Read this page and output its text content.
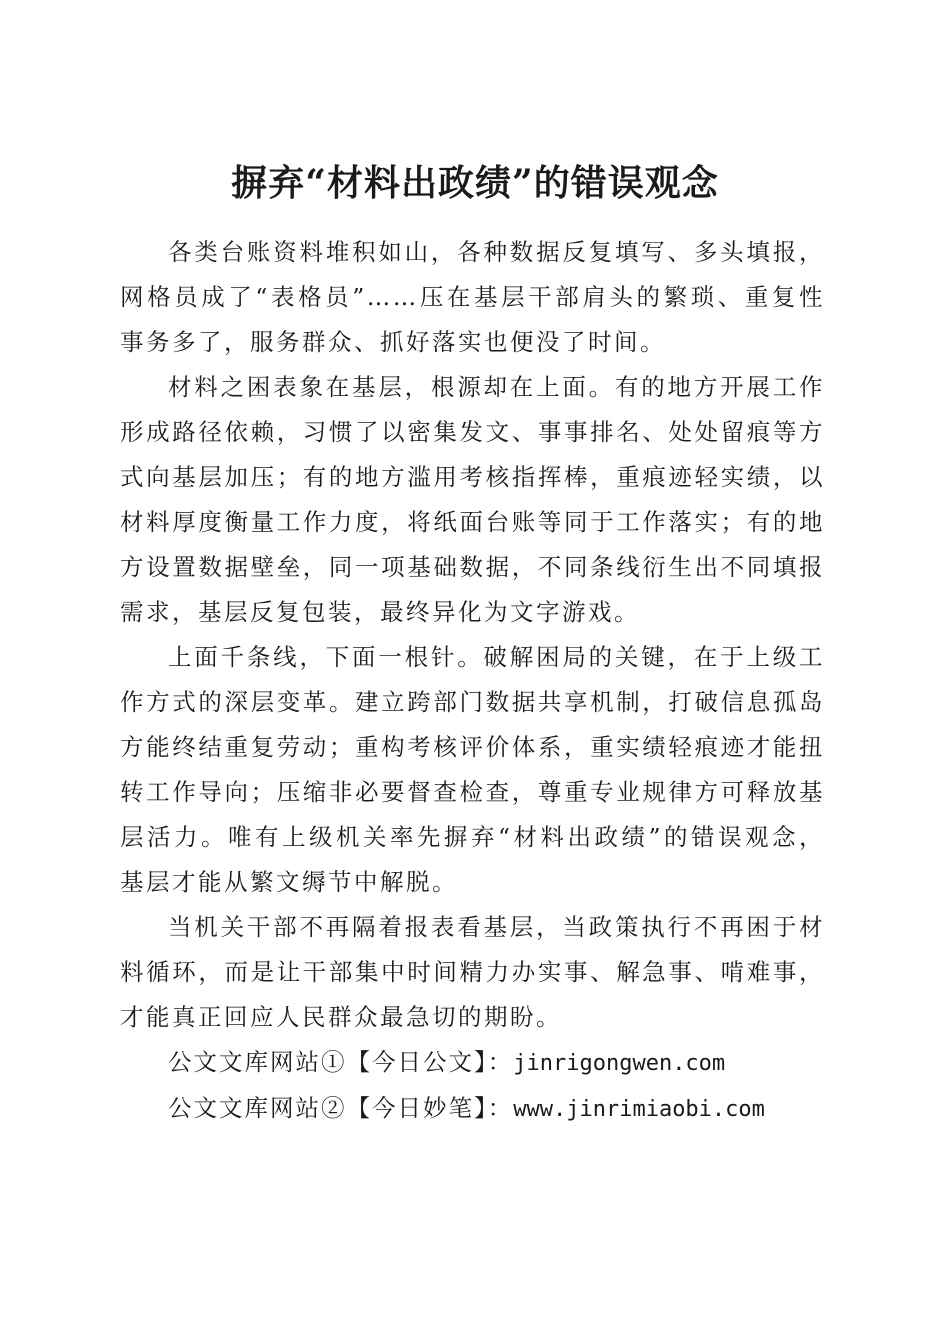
摒弃“材料出政绩”的错误观念

各类台账资料堆积如山，各种数据反复填写、多头填报，网格员成了“表格员”……压在基层干部肩头的繁琐、重复性事务多了，服务群众、抓好落实也便没了时间。

材料之困表象在基层，根源却在上面。有的地方开展工作形成路径依赖，习惯了以密集发文、事事排名、处处留痕等方式向基层加压；有的地方滥用考核指挥棒，重痕迹轻实绩，以材料厚度衡量工作力度，将纸面台账等同于工作落实；有的地方设置数据壁垒，同一项基础数据，不同条线衍生出不同填报需求，基层反复包装，最终异化为文字游戏。

上面千条线，下面一根针。破解困局的关键，在于上级工作方式的深层变革。建立跨部门数据共享机制，打破信息孤岛方能终结重复劳动；重构考核评价体系，重实绩轻痕迹才能扭转工作导向；压缩非必要督查检查，尊重专业规律方可释放基层活力。唯有上级机关率先摒弃“材料出政绩”的错误观念，基层才能从繁文缛节中解脱。

当机关干部不再隔着报表看基层，当政策执行不再困于材料循环，而是让干部集中时间精力办实事、解急事、啃难事，才能真正回应人民群众最急切的期盼。

公文文库网站①【今日公文】：jinrigongwen.com

公文文库网站②【今日妙笔】：www.jinrimiaobi.com
